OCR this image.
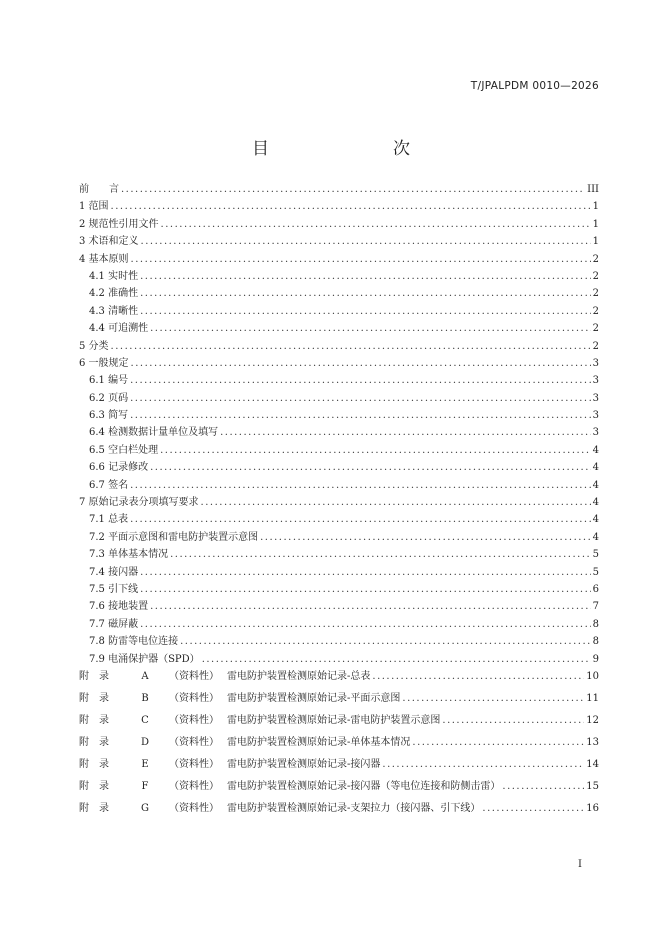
T/JPALPDM 0010—2026
目　　次
前　　言 .....	III
1 范围 .....	1
2 规范性引用文件 .....	1
3 术语和定义 .....	1
4 基本原则 .....	2
4.1 实时性 .....	2
4.2 准确性 .....	2
4.3 清晰性 .....	2
4.4 可追溯性 .....	2
5 分类 .....	2
6 一般规定 .....	3
6.1 编号 .....	3
6.2 页码 .....	3
6.3 简写 .....	3
6.4 检测数据计量单位及填写 .....	3
6.5 空白栏处理 .....	4
6.6 记录修改 .....	4
6.7 签名 .....	4
7 原始记录表分项填写要求 .....	4
7.1 总表 .....	4
7.2 平面示意图和雷电防护装置示意图 .....	4
7.3 单体基本情况 .....	5
7.4 接闪器 .....	5
7.5 引下线 .....	6
7.6 接地装置 .....	7
7.7 磁屏蔽 .....	8
7.8 防雷等电位连接 .....	8
7.9 电涌保护器（SPD） .....	9
附　录	A （资料性） 雷电防护装置检测原始记录-总表 .....	10
附　录	B （资料性） 雷电防护装置检测原始记录-平面示意图 .....	11
附　录	C （资料性） 雷电防护装置检测原始记录-雷电防护装置示意图 .....	12
附　录	D （资料性） 雷电防护装置检测原始记录-单体基本情况 .....	13
附　录	E （资料性） 雷电防护装置检测原始记录-接闪器 .....	14
附　录	F （资料性） 雷电防护装置检测原始记录-接闪器（等电位连接和防侧击雷） .....	15
附　录	G （资料性） 雷电防护装置检测原始记录-支架拉力（接闪器、引下线） .....	16
I
